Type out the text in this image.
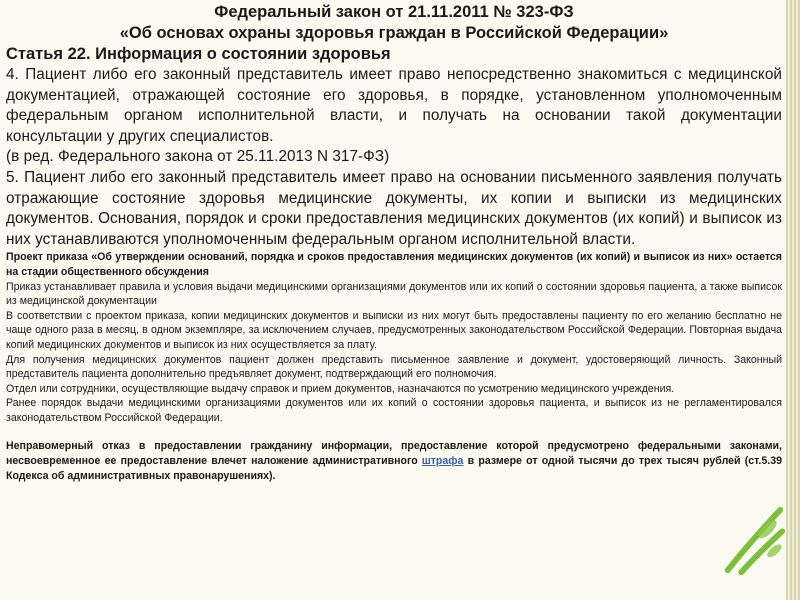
Федеральный закон от 21.11.2011 № 323-ФЗ

«Об основах охраны здоровья граждан в Российской Федерации»

Статья 22. Информация о состоянии здоровья

4. Пациент либо его законный представитель имеет право непосредственно знакомиться с медицинской документацией, отражающей состояние его здоровья, в порядке, установленном уполномоченным федеральным органом исполнительной власти, и получать на основании такой документации консультации у других специалистов.

(в ред. Федерального закона от 25.11.2013 N 317-ФЗ)

5. Пациент либо его законный представитель имеет право на основании письменного заявления получать отражающие состояние здоровья медицинские документы, их копии и выписки из медицинских документов. Основания, порядок и сроки предоставления медицинских документов (их копий) и выписок из них устанавливаются уполномоченным федеральным органом исполнительной власти.

Проект приказа «Об утверждении оснований, порядка и сроков предоставления медицинских документов (их копий) и выписок из них» остается на стадии общественного обсуждения

Приказ устанавливает правила и условия выдачи медицинскими организациями документов или их копий о состоянии здоровья пациента, а также выписок из медицинской документации

В соответствии с проектом приказа, копии медицинских документов и выписки из них могут быть предоставлены пациенту по его желанию бесплатно не чаще одного раза в месяц, в одном экземпляре, за исключением случаев, предусмотренных законодательством Российской Федерации. Повторная выдача копий медицинских документов и выписок из них осуществляется за плату.

Для получения медицинских документов пациент должен представить письменное заявление и документ, удостоверяющий личность. Законный представитель пациента дополнительно предъявляет документ, подтверждающий его полномочия.

Отдел или сотрудники, осуществляющие выдачу справок и прием документов, назначаются по усмотрению медицинского учреждения.

Ранее порядок выдачи медицинскими организациями документов или их копий о состоянии здоровья пациента, и выписок из не регламентировался законодательством Российской Федерации.

Неправомерный отказ в предоставлении гражданину информации, предоставление которой предусмотрено федеральными законами, несвоевременное ее предоставление влечет наложение административного штрафа в размере от одной тысячи до трех тысяч рублей (ст.5.39 Кодекса об административных правонарушениях).
